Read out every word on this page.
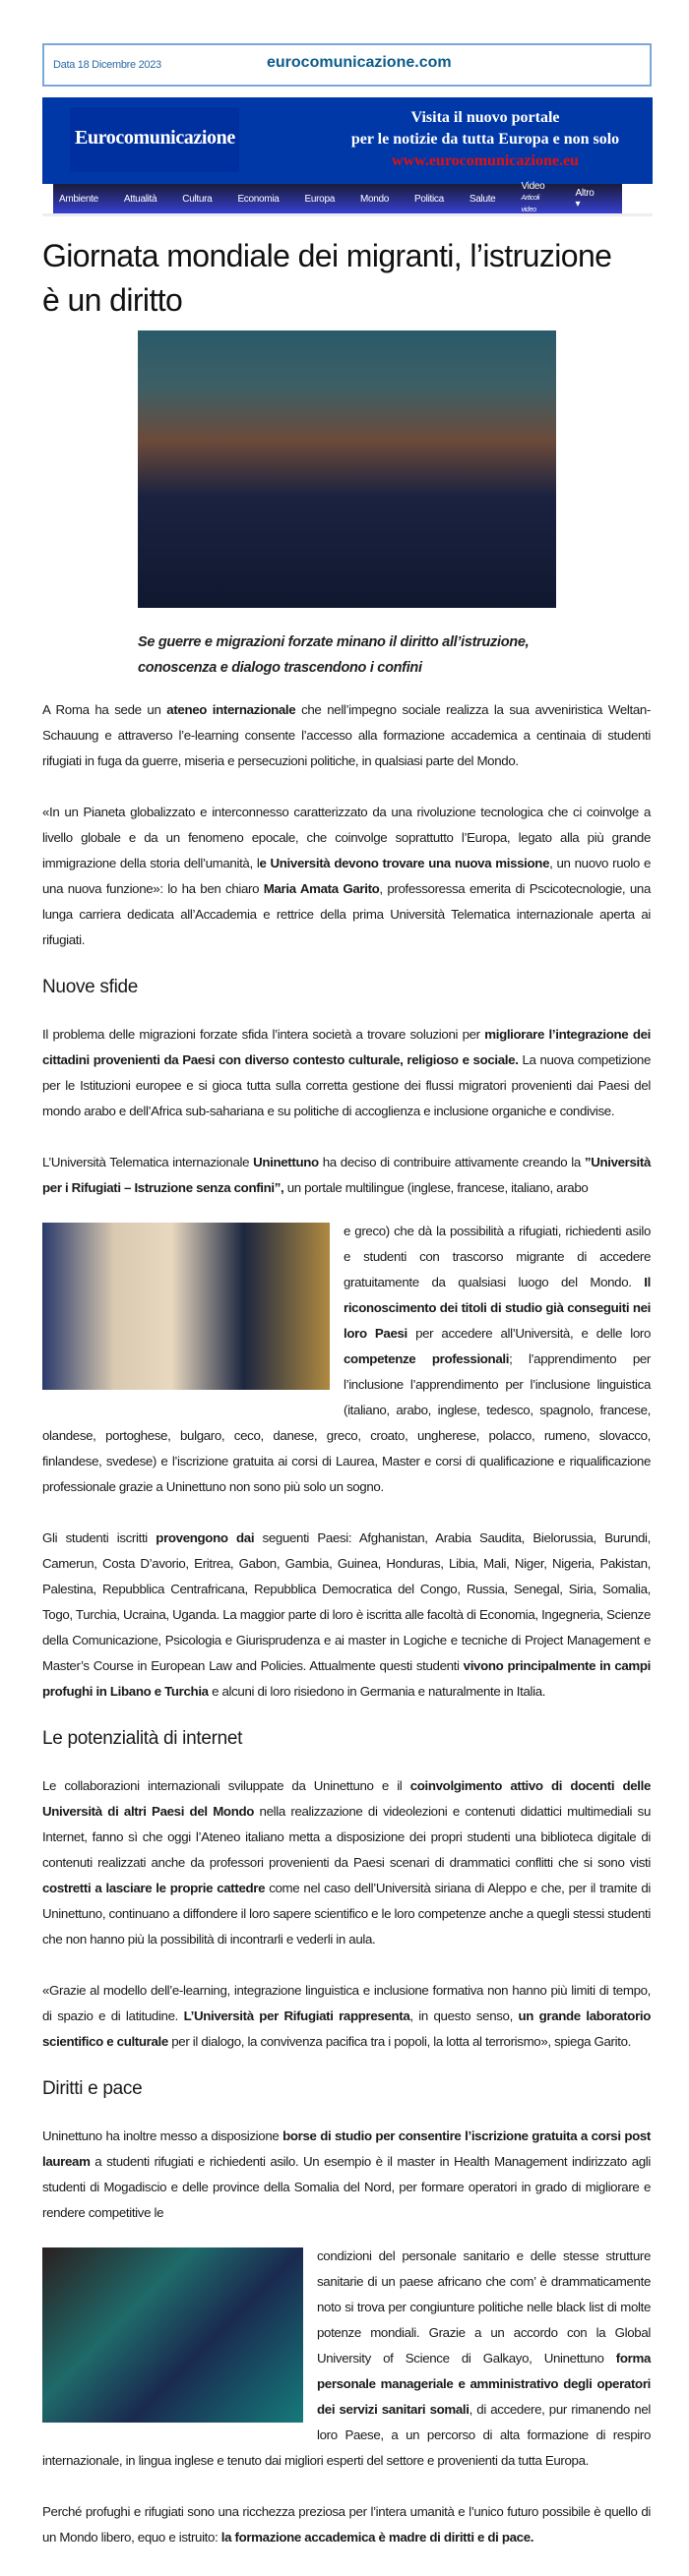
Data 18 Dicembre 2023	eurocomunicazione.com
Eurocomunicazione
Visita il nuovo portale
per le notizie da tutta Europa e non solo
www.eurocomunicazione.eu
Ambiente	Attualità	Cultura	Economia	Europa	Mondo	Politica	Salute
Video
Articoli video
Altro ▾
Giornata mondiale dei migranti, l’istruzione è un diritto
Se guerre e migrazioni forzate minano il diritto all’istruzione,
conoscenza e dialogo trascendono i confini

A Roma ha sede un ateneo internazionale che nell’impegno sociale realizza la sua avveniristica Weltan-Schauung e attraverso l’e-learning consente l’accesso alla formazione accademica a centinaia di studenti rifugiati in fuga da guerre, miseria e persecuzioni politiche, in qualsiasi parte del Mondo.

«In un Pianeta globalizzato e interconnesso caratterizzato da una rivoluzione tecnologica che ci coinvolge a livello globale e da un fenomeno epocale, che coinvolge soprattutto l’Europa, legato alla più grande immigrazione della storia dell’umanità, le Università devono trovare una nuova missione, un nuovo ruolo e una nuova funzione»: lo ha ben chiaro Maria Amata Garito, professoressa emerita di Pscicotecnologie, una lunga carriera dedicata all’Accademia e rettrice della prima Università Telematica internazionale aperta ai rifugiati.

Nuove sfide

Il problema delle migrazioni forzate sfida l’intera società a trovare soluzioni per migliorare l’integrazione dei cittadini provenienti da Paesi con diverso contesto culturale, religioso e sociale. La nuova competizione per le Istituzioni europee e si gioca tutta sulla corretta gestione dei flussi migratori provenienti dai Paesi del mondo arabo e dell’Africa sub-sahariana e su politiche di accoglienza e inclusione organiche e condivise.

L’Università Telematica internazionale Uninettuno ha deciso di contribuire attivamente creando la ”Università per i Rifugiati – Istruzione senza confini”, un portale multilingue (inglese, francese, italiano, arabo

e greco) che dà la possibilità a rifugiati, richiedenti asilo e studenti con trascorso migrante di accedere gratuitamente da qualsiasi luogo del Mondo. Il riconoscimento dei titoli di studio già conseguiti nei loro Paesi per accedere all’Università, e delle loro competenze professionali; l’apprendimento per l’inclusione l’apprendimento per l’inclusione linguistica (italiano, arabo, inglese, tedesco, spagnolo, francese, olandese, portoghese, bulgaro, ceco, danese, greco, croato, ungherese, polacco, rumeno, slovacco, finlandese, svedese) e l’iscrizione gratuita ai corsi di Laurea, Master e corsi di qualificazione e riqualificazione professionale grazie a Uninettuno non sono più solo un sogno.

Gli studenti iscritti provengono dai seguenti Paesi: Afghanistan, Arabia Saudita, Bielorussia, Burundi, Camerun, Costa D’avorio, Eritrea, Gabon, Gambia, Guinea, Honduras, Libia, Mali, Niger, Nigeria, Pakistan, Palestina, Repubblica Centrafricana, Repubblica Democratica del Congo, Russia, Senegal, Siria, Somalia, Togo, Turchia, Ucraina, Uganda. La maggior parte di loro è iscritta alle facoltà di Economia, Ingegneria, Scienze della Comunicazione, Psicologia e Giurisprudenza e ai master in Logiche e tecniche di Project Management e Master’s Course in European Law and Policies. Attualmente questi studenti vivono principalmente in campi profughi in Libano e Turchia e alcuni di loro risiedono in Germania e naturalmente in Italia.

Le potenzialità di internet

Le collaborazioni internazionali sviluppate da Uninettuno e il coinvolgimento attivo di docenti delle Università di altri Paesi del Mondo nella realizzazione di videolezioni e contenuti didattici multimediali su Internet, fanno sì che oggi l’Ateneo italiano metta a disposizione dei propri studenti una biblioteca digitale di contenuti realizzati anche da professori provenienti da Paesi scenari di drammatici conflitti che si sono visti costretti a lasciare le proprie cattedre come nel caso dell’Università siriana di Aleppo e che, per il tramite di Uninettuno, continuano a diffondere il loro sapere scientifico e le loro competenze anche a quegli stessi studenti che non hanno più la possibilità di incontrarli e vederli in aula.

«Grazie al modello dell’e-learning, integrazione linguistica e inclusione formativa non hanno più limiti di tempo, di spazio e di latitudine. L’Università per Rifugiati rappresenta, in questo senso, un grande laboratorio scientifico e culturale per il dialogo, la convivenza pacifica tra i popoli, la lotta al terrorismo», spiega Garito.

Diritti e pace

Uninettuno ha inoltre messo a disposizione borse di studio per consentire l’iscrizione gratuita a corsi post lauream a studenti rifugiati e richiedenti asilo. Un esempio è il master in Health Management indirizzato agli studenti di Mogadiscio e delle province della Somalia del Nord, per formare operatori in grado di migliorare e rendere competitive le

condizioni del personale sanitario e delle stesse strutture sanitarie di un paese africano che com’ è drammaticamente noto si trova per congiunture politiche nelle black list di molte potenze mondiali. Grazie a un accordo con la Global University of Science di Galkayo, Uninettuno forma personale manageriale e amministrativo degli operatori dei servizi sanitari somali, di accedere, pur rimanendo nel loro Paese, a un percorso di alta formazione di respiro internazionale, in lingua inglese e tenuto dai migliori esperti del settore e provenienti da tutta Europa.

Perché profughi e rifugiati sono una ricchezza preziosa per l’intera umanità e l’unico futuro possibile è quello di un Mondo libero, equo e istruito: la formazione accademica è madre di diritti e di pace.
